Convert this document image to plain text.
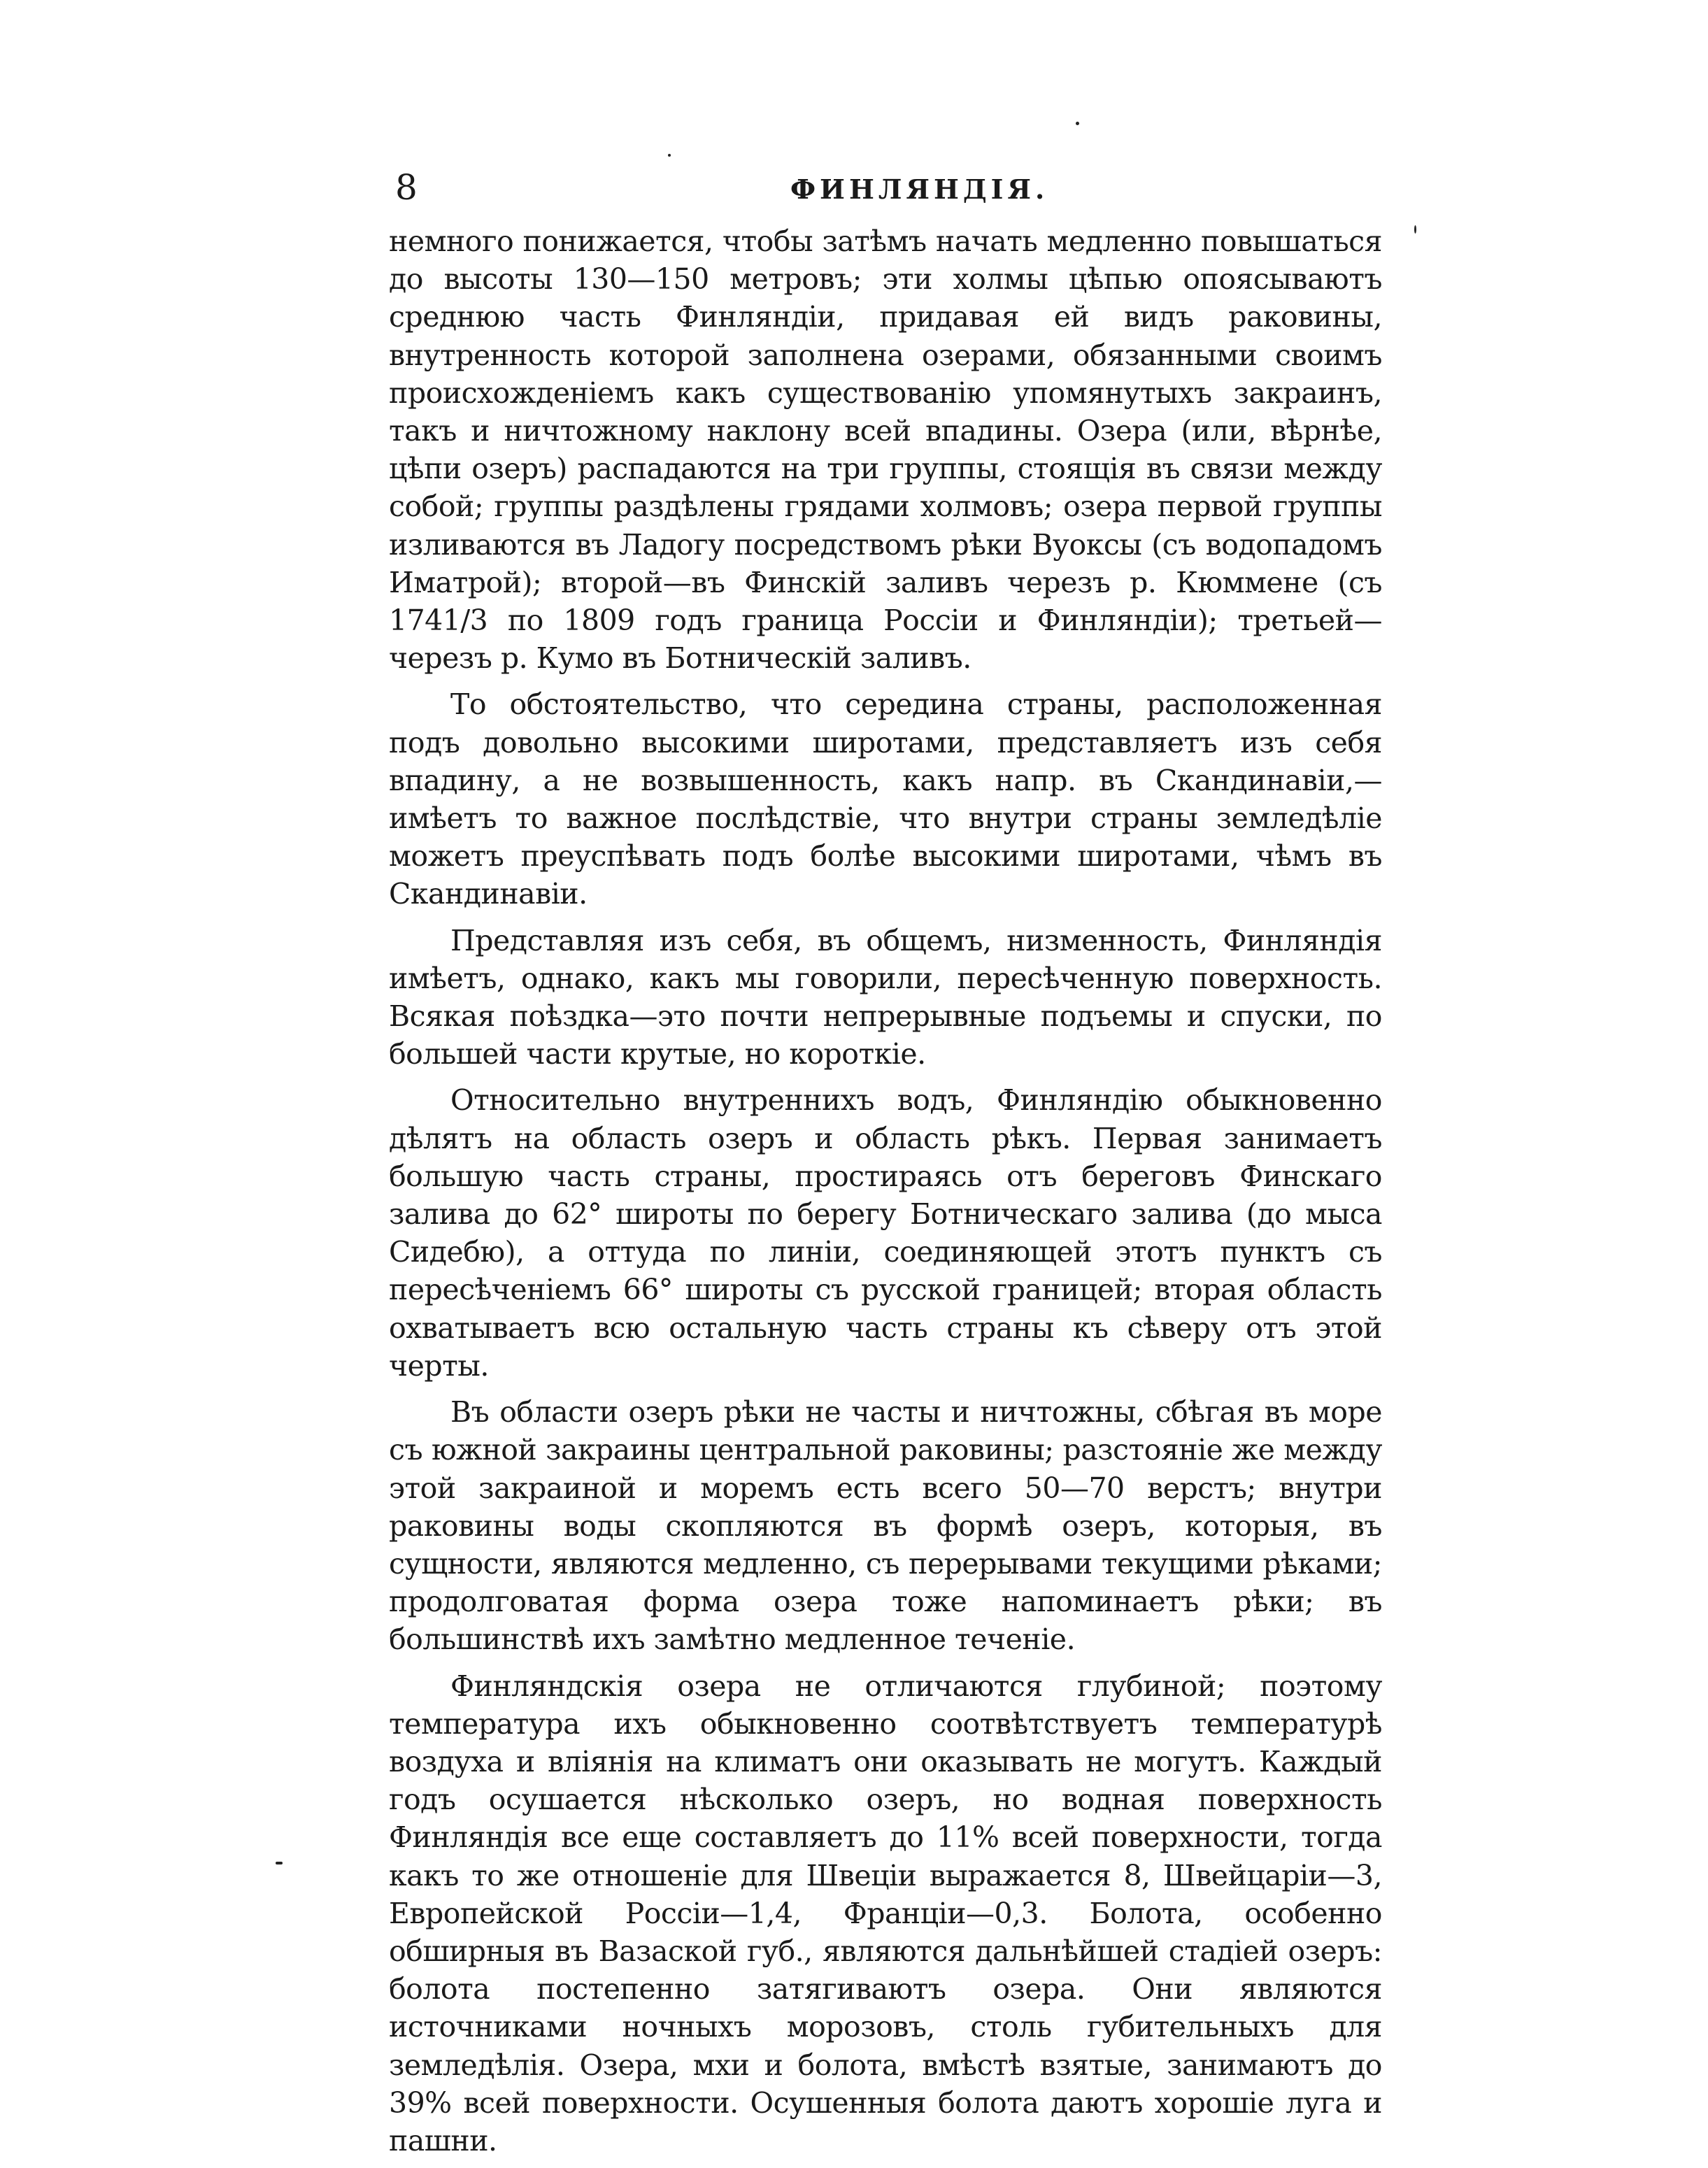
8	ФИНЛЯНДІЯ.

немного понижается, чтобы затѣмъ начать медленно повышаться до высоты 130—150 метровъ; эти холмы цѣпью опоясываютъ среднюю часть Финляндіи, придавая ей видъ раковины, внутренность которой заполнена озерами, обязанными своимъ происхожденіемъ какъ существованію упомянутыхъ закраинъ, такъ и ничтожному наклону всей впадины. Озера (или, вѣрнѣе, цѣпи озеръ) распадаются на три группы, стоящія въ связи между собой; группы раздѣлены грядами холмовъ; озера первой группы изливаются въ Ладогу посредствомъ рѣки Вуоксы (съ водопадомъ Иматрой); второй—въ Финскій заливъ черезъ р. Кюммене (съ 1741/3 по 1809 годъ граница Россіи и Финляндіи); третьей—черезъ р. Кумо въ Ботническій заливъ.

То обстоятельство, что середина страны, расположенная подъ довольно высокими широтами, представляетъ изъ себя впадину, а не возвышенность, какъ напр. въ Скандинавіи,—имѣетъ то важное послѣдствіе, что внутри страны земледѣліе можетъ преуспѣвать подъ болѣе высокими широтами, чѣмъ въ Скандинавіи.

Представляя изъ себя, въ общемъ, низменность, Финляндія имѣетъ, однако, какъ мы говорили, пересѣченную поверхность. Всякая поѣздка—это почти непрерывные подъемы и спуски, по большей части крутые, но короткіе.

Относительно внутреннихъ водъ, Финляндію обыкновенно дѣлятъ на область озеръ и область рѣкъ. Первая занимаетъ большую часть страны, простираясь отъ береговъ Финскаго залива до 62° широты по берегу Ботническаго залива (до мыса Сидебю), а оттуда по линіи, соединяющей этотъ пунктъ съ пересѣченіемъ 66° широты съ русской границей; вторая область охватываетъ всю остальную часть страны къ сѣверу отъ этой черты.

Въ области озеръ рѣки не часты и ничтожны, сбѣгая въ море съ южной закраины центральной раковины; разстояніе же между этой закраиной и моремъ есть всего 50—70 верстъ; внутри раковины воды скопляются въ формѣ озеръ, которыя, въ сущности, являются медленно, съ перерывами текущими рѣками; продолговатая форма озера тоже напоминаетъ рѣки; въ большинствѣ ихъ замѣтно медленное теченіе.

Финляндскія озера не отличаются глубиной; поэтому температура ихъ обыкновенно соотвѣтствуетъ температурѣ воздуха и вліянія на климатъ они оказывать не могутъ. Каждый годъ осушается нѣсколько озеръ, но водная поверхность Финляндія все еще составляетъ до 11% всей поверхности, тогда какъ то же отношеніе для Швеціи выражается 8, Швейцаріи—3, Европейской Россіи—1,4, Франціи—0,3. Болота, особенно обширныя въ Вазаской губ., являются дальнѣйшей стадіей озеръ: болота постепенно затягиваютъ озера. Они являются источниками ночныхъ морозовъ, столь губительныхъ для земледѣлія. Озера, мхи и болота, вмѣстѣ взятые, занимаютъ до 39% всей поверхности. Осушенныя болота даютъ хорошіе луга и пашни.
